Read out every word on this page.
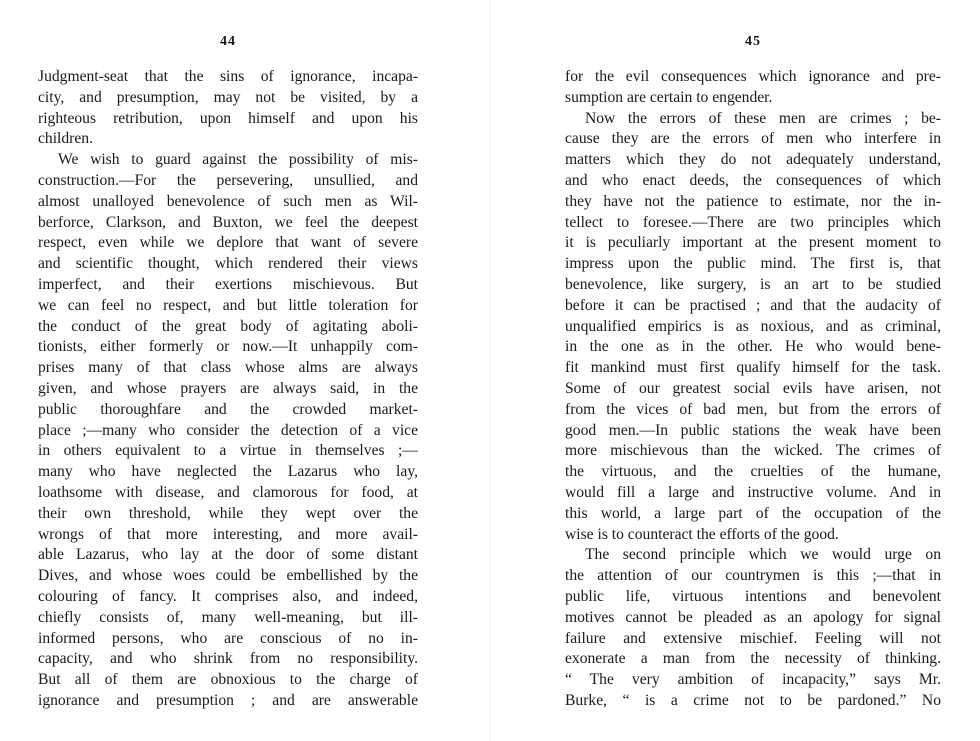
44
Judgment-seat that the sins of ignorance, incapa-
city, and presumption, may not be visited, by a
righteous retribution, upon himself and upon his
children.
We wish to guard against the possibility of mis-
construction.—For the persevering, unsullied, and
almost unalloyed benevolence of such men as Wil-
berforce, Clarkson, and Buxton, we feel the deepest
respect, even while we deplore that want of severe
and scientific thought, which rendered their views
imperfect, and their exertions mischievous. But
we can feel no respect, and but little toleration for
the conduct of the great body of agitating aboli-
tionists, either formerly or now.—It unhappily com-
prises many of that class whose alms are always
given, and whose prayers are always said, in the
public thoroughfare and the crowded market-
place ;—many who consider the detection of a vice
in others equivalent to a virtue in themselves ;—
many who have neglected the Lazarus who lay,
loathsome with disease, and clamorous for food, at
their own threshold, while they wept over the
wrongs of that more interesting, and more avail-
able Lazarus, who lay at the door of some distant
Dives, and whose woes could be embellished by the
colouring of fancy. It comprises also, and indeed,
chiefly consists of, many well-meaning, but ill-
informed persons, who are conscious of no in-
capacity, and who shrink from no responsibility.
But all of them are obnoxious to the charge of
ignorance and presumption ; and are answerable
45
for the evil consequences which ignorance and pre-
sumption are certain to engender.
Now the errors of these men are crimes ; be-
cause they are the errors of men who interfere in
matters which they do not adequately understand,
and who enact deeds, the consequences of which
they have not the patience to estimate, nor the in-
tellect to foresee.—There are two principles which
it is peculiarly important at the present moment to
impress upon the public mind. The first is, that
benevolence, like surgery, is an art to be studied
before it can be practised ; and that the audacity of
unqualified empirics is as noxious, and as criminal,
in the one as in the other. He who would bene-
fit mankind must first qualify himself for the task.
Some of our greatest social evils have arisen, not
from the vices of bad men, but from the errors of
good men.—In public stations the weak have been
more mischievous than the wicked. The crimes of
the virtuous, and the cruelties of the humane,
would fill a large and instructive volume. And in
this world, a large part of the occupation of the
wise is to counteract the efforts of the good.
The second principle which we would urge on
the attention of our countrymen is this ;—that in
public life, virtuous intentions and benevolent
motives cannot be pleaded as an apology for signal
failure and extensive mischief. Feeling will not
exonerate a man from the necessity of thinking.
“ The very ambition of incapacity,” says Mr.
Burke, “ is a crime not to be pardoned.” No
